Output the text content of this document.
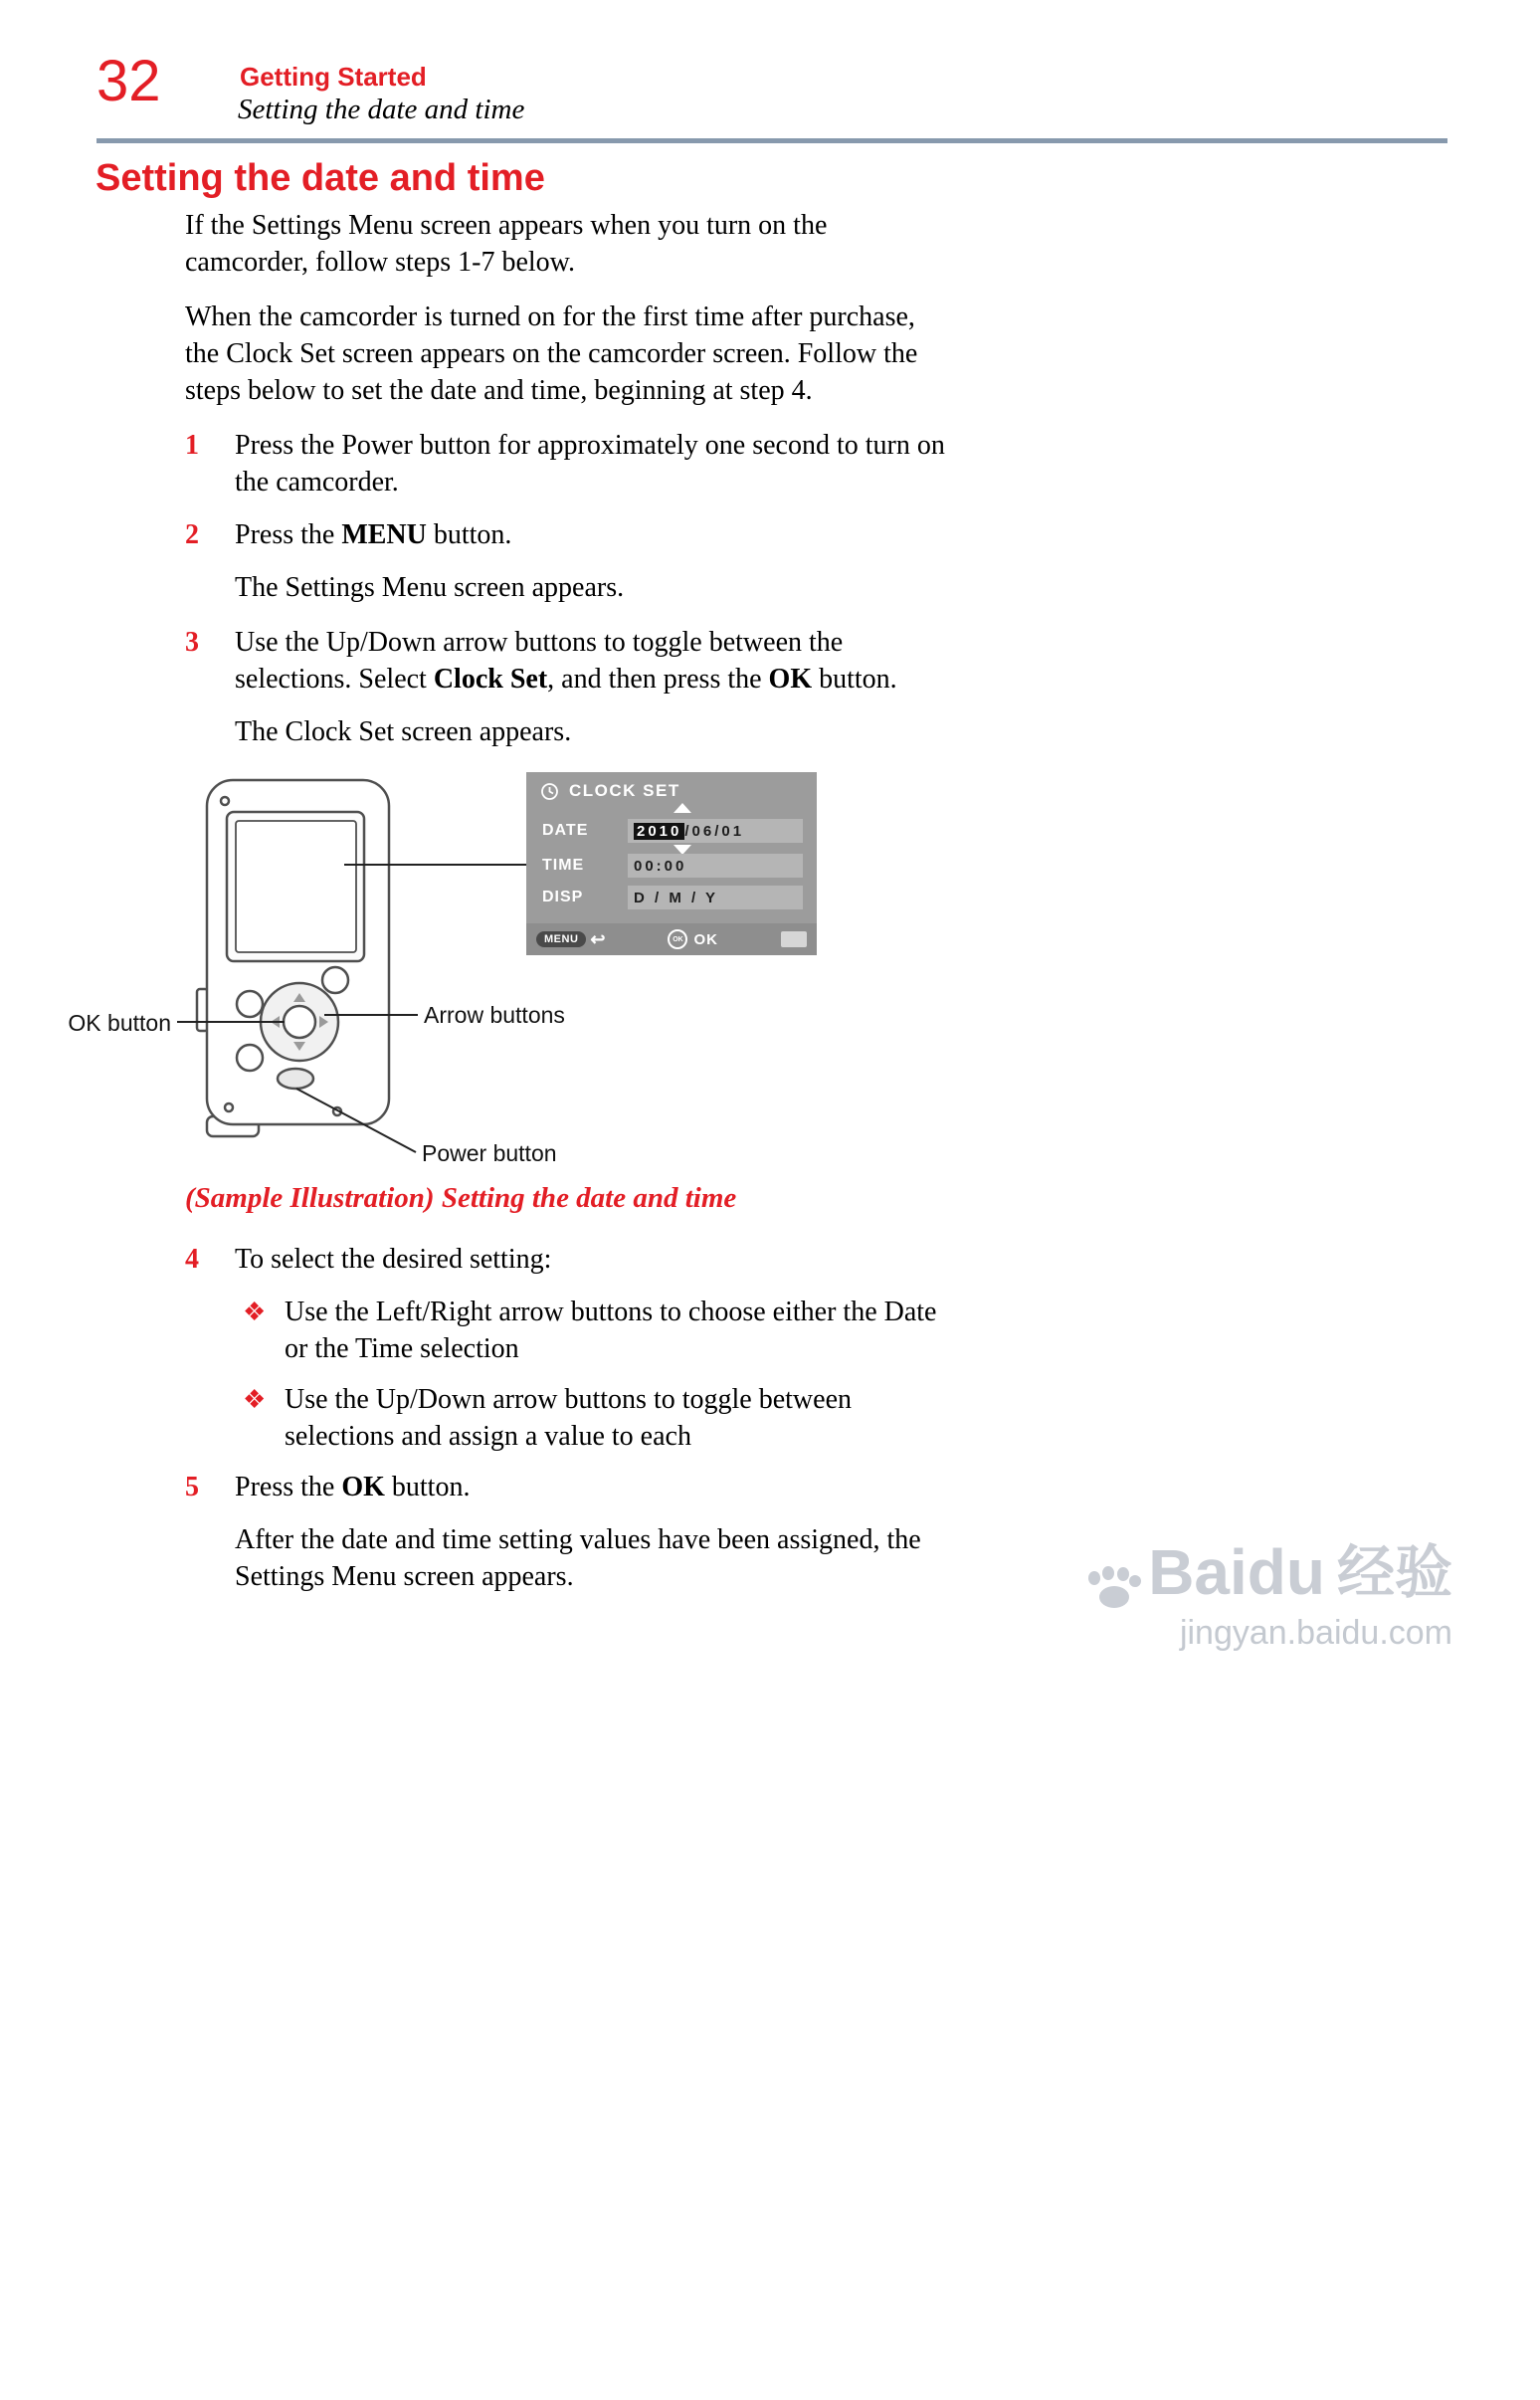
32	Getting Started
Setting the date and time
Setting the date and time

If the Settings Menu screen appears when you turn on the
camcorder, follow steps 1-7 below.

When the camcorder is turned on for the first time after purchase,
the Clock Set screen appears on the camcorder screen. Follow the
steps below to set the date and time, beginning at step 4.

1	Press the Power button for approximately one second to turn on
the camcorder.
2	Press the MENU button.

The Settings Menu screen appears.

3	Use the Up/Down arrow buttons to toggle between the
selections. Select Clock Set, and then press the OK button.

The Clock Set screen appears.

OK button	Arrow buttons
Power button
CLOCK SET
DATE	2010 /06/01
TIME	00:00
DISP	D / M / Y
MENU ↩	OK OK

(Sample Illustration) Setting the date and time

4	To select the desired setting:
❖ Use the Left/Right arrow buttons to choose either the Date
or the Time selection
❖ Use the Up/Down arrow buttons to toggle between
selections and assign a value to each
5	Press the OK button.

After the date and time setting values have been assigned, the
Settings Menu screen appears.	Baidu 经验
jingyan.baidu.com
